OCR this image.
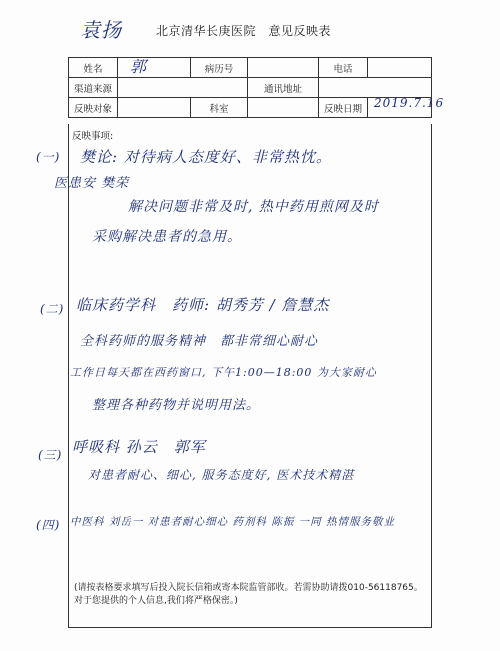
袁扬	北京清华长庚医院　意见反映表
姓名	郭	病历号		电话	
渠道来源			通讯地址		
反映对象		科室		反映日期	2019.7.16
反映事项:
(一) 樊论: 对待病人态度好、非常热忱。
医患安 樊荣
解决问题非常及时, 热中药用煎网及时
采购解决患者的急用。
(二) 临床药学科　药师: 胡秀芳 / 詹慧杰
全科药师的服务精神　都非常细心耐心
工作日每天都在西药窗口, 下午1:00—18:00 为大家耐心
整理各种药物并说明用法。
(三) 呼吸科 孙云　郭军
对患者耐心、细心, 服务态度好, 医术技术精湛
(四) 中医科 刘岳一 对患者耐心细心 药剂科 陈振 一同 热情服务敬业
(请按表格要求填写后投入院长信箱或寄本院监管部收。若需协助请拨010-56118765。对于您提供的个人信息,我们将严格保密。)
